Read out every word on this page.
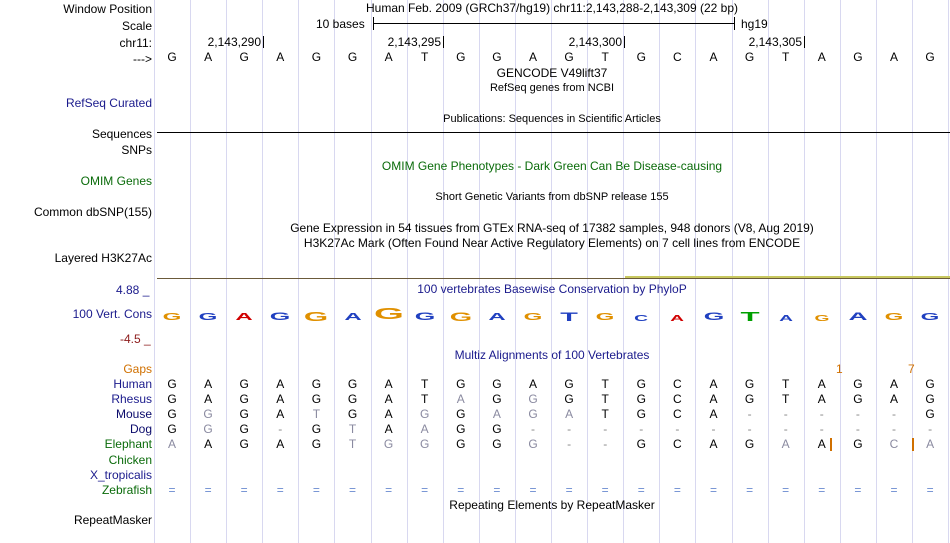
Window Position
Scale
chr11:
--->
RefSeq Curated
Sequences
SNPs
OMIM Genes
Common dbSNP(155)
Layered H3K27Ac
100 Vert. Cons
RepeatMasker
4.88 _
-4.5 _
Human Feb. 2009 (GRCh37/hg19) chr11:2,143,288-2,143,309 (22 bp)
10 bases	hg19
GENCODE V49lift37
RefSeq genes from NCBI
Publications: Sequences in Scientific Articles
OMIM Gene Phenotypes - Dark Green Can Be Disease-causing
Short Genetic Variants from dbSNP release 155
Gene Expression in 54 tissues from GTEx RNA-seq of 17382 samples, 948 donors (V8, Aug 2019)
H3K27Ac Mark (Often Found Near Active Regulatory Elements) on 7 cell lines from ENCODE
100 vertebrates Basewise Conservation by PhyloP
Multiz Alignments of 100 Vertebrates
Gaps	1	7
Repeating Elements by RepeatMasker
2,143,290	2,143,295	2,143,300	2,143,305
G	A	G	A	G	G	A	T	G	G	A	G	T	G	C	A	G	T	A	G	A	G
G G A G G A G G G A G T G C	A G T A	G A G G
Human	G	A	G	A	G	G	A	T	G	G	A	G	T	G	C	A	G	T	A	G	A	G
Rhesus	G	A	G	A	G	G	A	T	A	G	G	G	T	G	C	A	G	T	A	G	A	G
Mouse	G	G	G	A	T	G	A	G	G	A	G	A	T	G	C	A	-	-	-	-	-	G
Dog	G	G	G	-	G	T	A	A	G	G	-	-	-	-	-	-	-	-	-	-	-	-
Elephant	A	A	G	A	G	T	G	G	G	G	G	-	-	G	C	A	G	A	A	G	C	A
Chicken
X_tropicalis
Zebrafish	=	=	=	=	=	=	=	=	=	=	=	=	=	=	=	=	=	=	=	=	=	=
